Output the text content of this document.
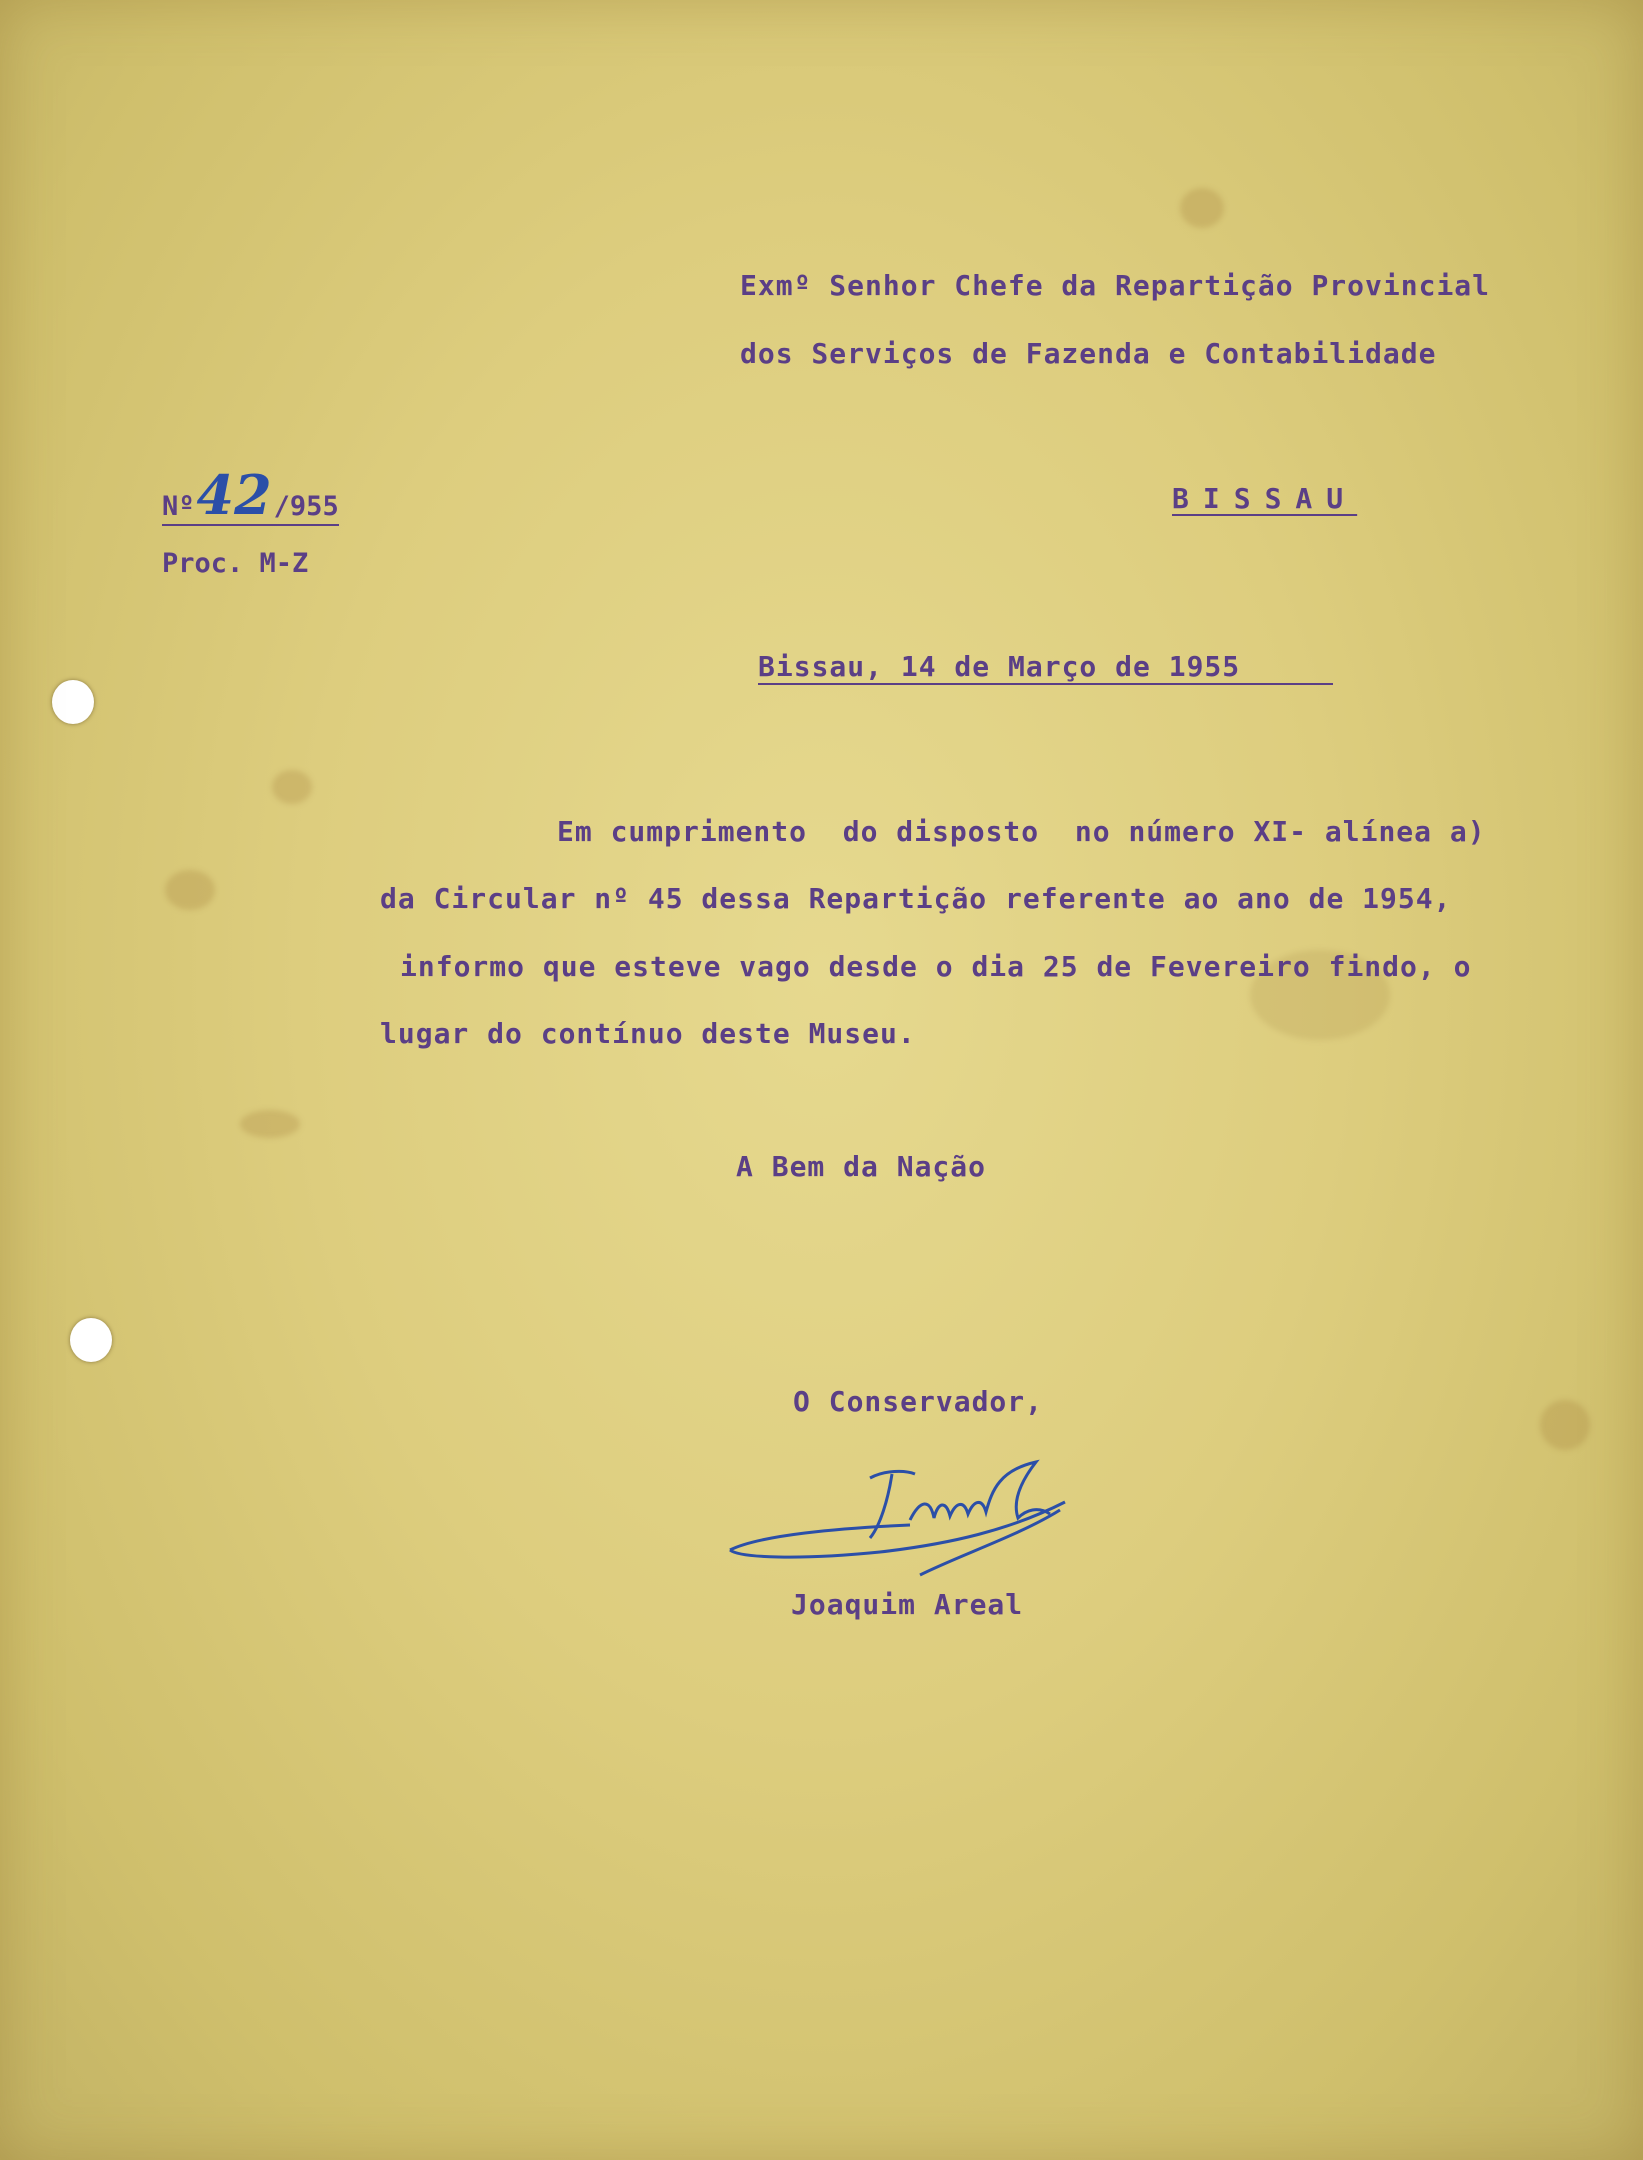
Exmº Senhor Chefe da Repartição Provincial
dos Serviços de Fazenda e Contabilidade
Nº 42 /955
Proc. M-Z
BISSAU
Bissau, 14 de Março de 1955
Em cumprimento  do disposto  no número XI- alínea a)
da Circular nº 45 dessa Repartição referente ao ano de 1954,
informo que esteve vago desde o dia 25 de Fevereiro findo, o
lugar do contínuo deste Museu.
A Bem da Nação
O Conservador,
Joaquim Areal
